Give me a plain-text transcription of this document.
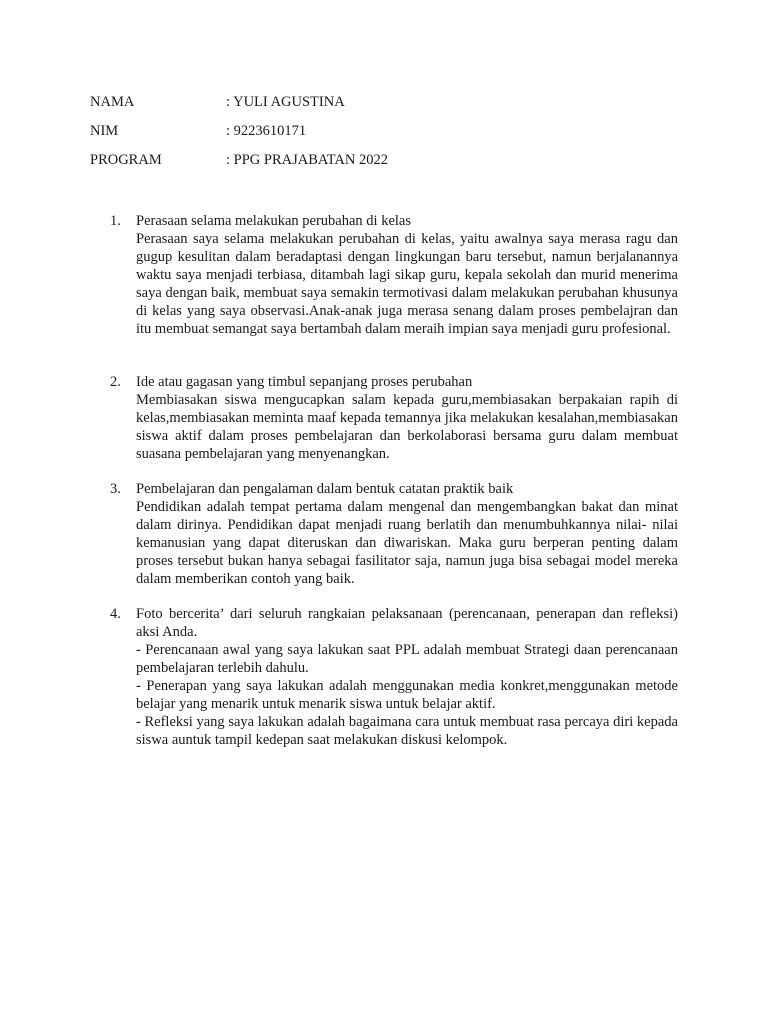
NAMA	: YULI AGUSTINA
NIM	: 9223610171
PROGRAM	: PPG PRAJABATAN 2022
1.	Perasaan selama melakukan perubahan di kelas
Perasaan saya selama melakukan perubahan di kelas, yaitu awalnya saya merasa ragu dan gugup kesulitan dalam beradaptasi dengan lingkungan baru tersebut, namun berjalanannya waktu saya menjadi terbiasa, ditambah lagi sikap guru, kepala sekolah dan murid menerima saya dengan baik, membuat saya semakin termotivasi dalam melakukan perubahan khusunya di kelas yang saya observasi.Anak-anak juga merasa senang dalam proses pembelajran dan itu membuat semangat saya bertambah dalam meraih impian saya menjadi guru profesional.
2.	Ide atau gagasan yang timbul sepanjang proses perubahan
Membiasakan siswa mengucapkan salam kepada guru,membiasakan berpakaian rapih di kelas,membiasakan meminta maaf kepada temannya jika melakukan kesalahan,membiasakan siswa aktif dalam proses pembelajaran dan berkolaborasi bersama guru dalam membuat suasana pembelajaran yang menyenangkan.
3.	Pembelajaran dan pengalaman dalam bentuk catatan praktik baik
Pendidikan adalah tempat pertama dalam mengenal dan mengembangkan bakat dan minat dalam dirinya. Pendidikan dapat menjadi ruang berlatih dan menumbuhkannya nilai- nilai kemanusian yang dapat diteruskan dan diwariskan. Maka guru berperan penting dalam proses tersebut bukan hanya sebagai fasilitator saja, namun juga bisa sebagai model mereka dalam memberikan contoh yang baik.
4.	Foto bercerita’ dari seluruh rangkaian pelaksanaan (perencanaan, penerapan dan refleksi) aksi Anda.
- Perencanaan awal yang saya lakukan saat PPL adalah membuat Strategi daan perencanaan pembelajaran terlebih dahulu.
- Penerapan yang saya lakukan adalah menggunakan media konkret,menggunakan metode belajar yang menarik untuk menarik siswa untuk belajar aktif.
- Refleksi yang saya lakukan adalah bagaimana cara untuk membuat rasa percaya diri kepada siswa auntuk tampil kedepan saat melakukan diskusi kelompok.
